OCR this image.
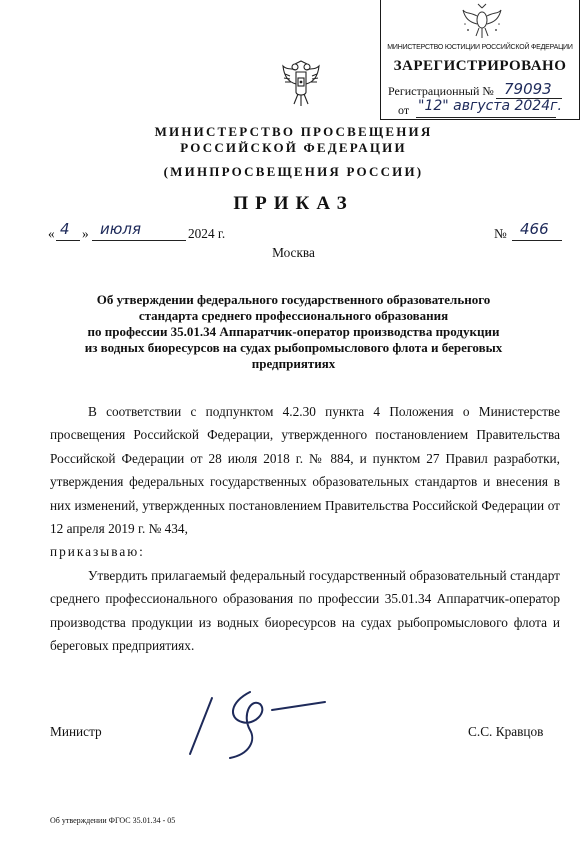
МИНИСТЕРСТВО ЮСТИЦИИ РОССИЙСКОЙ ФЕДЕРАЦИИ
ЗАРЕГИСТРИРОВАНО
Регистрационный № 79093
от "12" августа 2024г.
МИНИСТЕРСТВО ПРОСВЕЩЕНИЯ
РОССИЙСКОЙ ФЕДЕРАЦИИ
(МИНПРОСВЕЩЕНИЯ РОССИИ)
ПРИКАЗ
« 4 » июля	2024 г.	№ 466
Москва
Об утверждении федерального государственного образовательного
стандарта среднего профессионального образования
по профессии 35.01.34 Аппаратчик-оператор производства продукции
из водных биоресурсов на судах рыбопромыслового флота и береговых
предприятиях

В соответствии с подпунктом 4.2.30 пункта 4 Положения о Министерстве просвещения Российской Федерации, утвержденного постановлением Правительства Российской Федерации от 28 июля 2018 г. № 884, и пунктом 27 Правил разработки, утверждения федеральных государственных образовательных стандартов и внесения в них изменений, утвержденных постановлением Правительства Российской Федерации от 12 апреля 2019 г. № 434,

приказываю:

Утвердить прилагаемый федеральный государственный образовательный стандарт среднего профессионального образования по профессии 35.01.34 Аппаратчик-оператор производства продукции из водных биоресурсов на судах рыбопромыслового флота и береговых предприятиях.

Министр	С.С. Кравцов
Об утверждении ФГОС 35.01.34 - 05
